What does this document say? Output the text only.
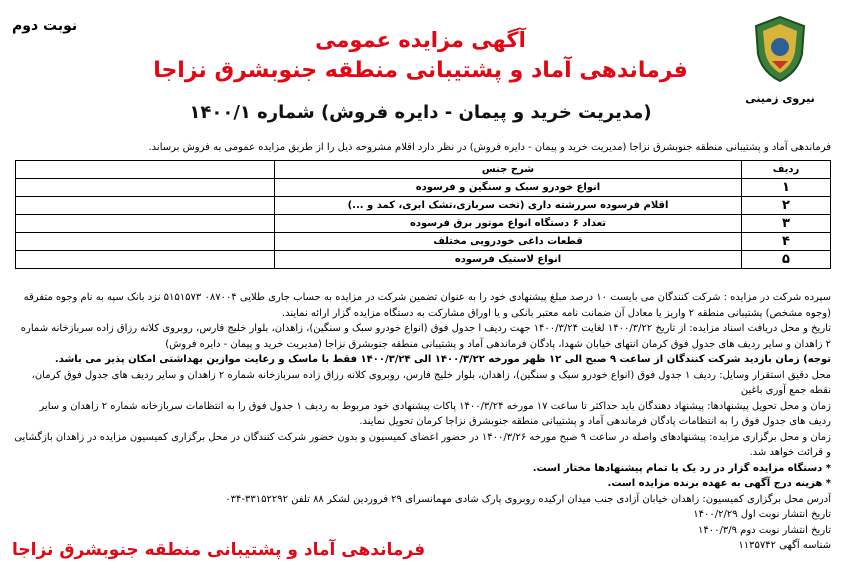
نیروی زمینی
نوبت دوم
آگهی مزایده عمومی
فرماندهی آماد و پشتیبانی منطقه جنوبشرق نزاجا
(مدیریت خرید و پیمان - دایره فروش) شماره ۱۴۰۰/۱
فرماندهی آماد و پشتیبانی منطقه جنوبشرق نزاجا (مدیریت خرید و پیمان - دایره فروش) در نظر دارد اقلام مشروحه ذیل را از طریق مزایده عمومی به فروش برساند.
ردیف	شرح جنس	
۱	انواع خودرو سبک و سنگین و فرسوده	
۲	اقلام فرسوده سررشته داری (تخت سربازی،تشک ابری، کمد و ...)	
۳	تعداد ۶ دستگاه انواع موتور برق فرسوده	
۴	قطعات داغی خودرویی مختلف	
۵	انواع لاستیک فرسوده	

سپرده شرکت در مزایده : شرکت کنندگان می بایست ۱۰ درصد مبلغ پیشنهادی خود را به عنوان تضمین شرکت در مزایده به حساب جاری طلایی ۰۸۷۰۰۴ ۵۱۵۱۵۷۳ نزد بانک سپه به نام وجوه متفرقه

(وجوه مشخص) پشتیبانی منطقه ۲ واریز یا معادل آن ضمانت نامه معتبر بانکی و یا اوراق مشارکت به دستگاه مزایده گزار ارائه نمایند.

تاریخ و محل دریافت اسناد مزایده: از تاریخ ۱۴۰۰/۳/۲۲ لغایت ۱۴۰۰/۳/۲۴ جهت ردیف ا جدول فوق (انواع خودرو سبک و سنگین)، زاهدان، بلوار خلیج فارس، روبروی کلانه رزاق زاده سربازخانه شماره

۲ زاهدان و سایر ردیف های جدول فوق کرمان انتهای خیابان شهدا، پادگان فرماندهی آماد و پشتیبانی منطقه جنوبشرق نزاجا (مدیریت خرید و پیمان - دایره فروش)

توجه) زمان بازدید شرکت کنندگان از ساعت ۹ صبح الی ۱۲ ظهر مورخه ۱۴۰۰/۳/۲۲ الی ۱۴۰۰/۳/۲۴ فقط با ماسک و رعایت موازین بهداشتی امکان پذیر می باشد.

محل دقیق استقرار وسایل: ردیف ۱ جدول فوق (انواع خودرو سبک و سنگین)، زاهدان، بلوار خلیج فارس، روبروی کلانه رزاق زاده سربازخانه شماره ۲ زاهدان و سایر ردیف های جدول فوق کرمان،

نقطه جمع آوری باغین

زمان و محل تحویل پیشنهادها: پیشنهاد دهندگان باید حداکثر تا ساعت ۱۷ مورخه ۱۴۰۰/۳/۲۴ پاکات پیشنهادی خود مربوط به ردیف ۱ جدول فوق را به انتظامات سربازخانه شماره ۲ زاهدان و سایر

ردیف های جدول فوق را به انتظامات پادگان فرماندهی آماد و پشتیبانی منطقه جنوبشرق نزاجا کرمان تحویل نمایند.

زمان و محل برگزاری مزایده: پیشنهادهای واصله در ساعت ۹ صبح مورخه ۱۴۰۰/۳/۲۶ در حضور اعضای کمیسیون و بدون حضور شرکت کنندگان در محل برگزاری کمیسیون مزایده در زاهدان بازگشایی

و قرائت خواهد شد.

* دستگاه مزایده گزار در رد یک یا تمام پیشنهادها مختار است.

* هزینه درج آگهی به عهده برنده مزایده است.

آدرس محل برگزاری کمیسیون: زاهدان خیابان آزادی جنب میدان ارکیده روبروی پارک شادی مهمانسرای ۲۹ فروردین لشکر ۸۸ تلفن ۳۳۱۵۲۲۹۲-۰۳۴

تاریخ انتشار نوبت اول ۱۴۰۰/۲/۲۹

تاریخ انتشار نوبت دوم ۱۴۰۰/۳/۹

شناسه آگهی ۱۱۳۵۷۴۲

فرماندهی آماد و پشتیبانی منطقه جنوبشرق نزاجا
